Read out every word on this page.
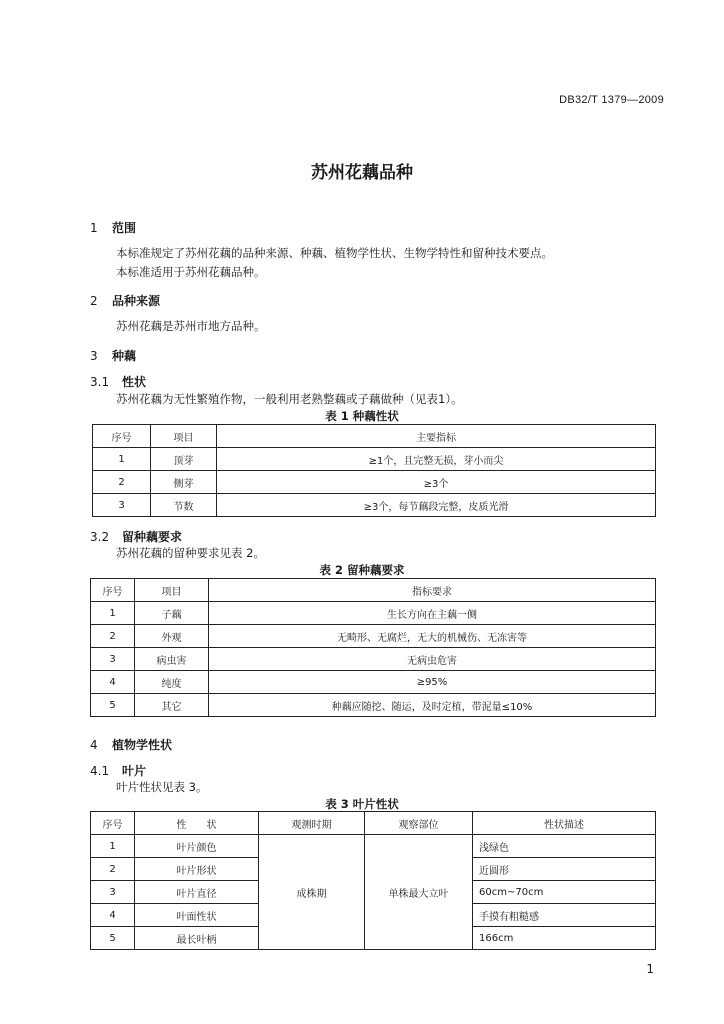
DB32/T 1379—2009
苏州花藕品种
1 范围
本标准规定了苏州花藕的品种来源、种藕、植物学性状、生物学特性和留种技术要点。
本标准适用于苏州花藕品种。
2 品种来源
苏州花藕是苏州市地方品种。
3 种藕
3.1 性状
苏州花藕为无性繁殖作物，一般利用老熟整藕或子藕做种（见表1）。
表 1 种藕性状
序号	项目	主要指标
1	顶芽	≥1个，且完整无损，芽小而尖
2	侧芽	≥3个
3	节数	≥3个，每节藕段完整，皮质光滑
3.2 留种藕要求
苏州花藕的留种要求见表 2。
表 2 留种藕要求
序号	项目	指标要求
1	子藕	生长方向在主藕一侧
2	外观	无畸形、无腐烂，无大的机械伤、无冻害等
3	病虫害	无病虫危害
4	纯度	≥95%
5	其它	种藕应随挖、随运，及时定植，带泥量≤10%
4 植物学性状
4.1 叶片
叶片性状见表 3。
表 3 叶片性状
序号	性　　状	观测时期	观察部位	性状描述
1	叶片颜色	成株期	单株最大立叶	浅绿色
2	叶片形状			近圆形
3	叶片直径			60cm~70cm
4	叶面性状			手摸有粗糙感
5	最长叶柄			166cm
1
